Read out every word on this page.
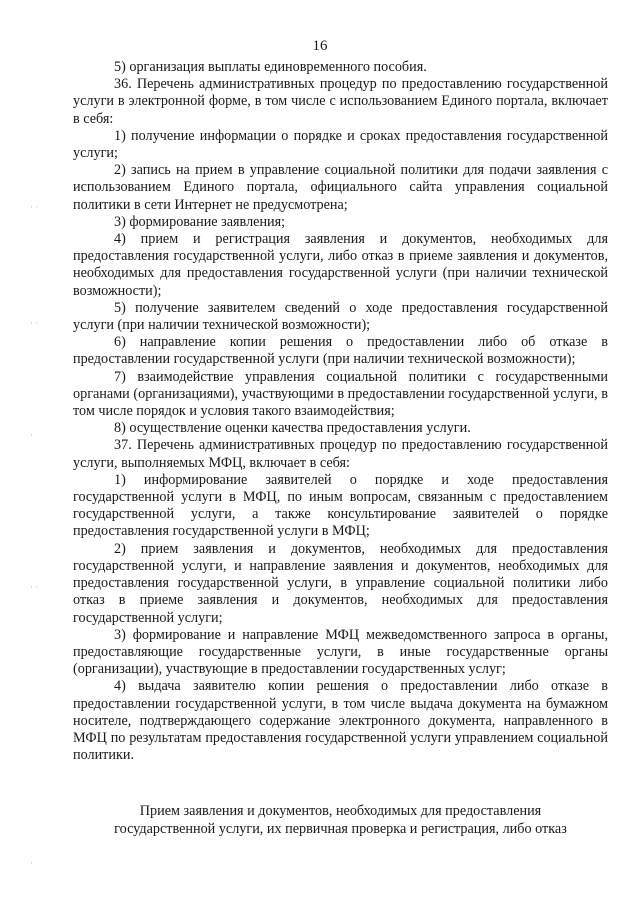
16

5) организация выплаты единовременного пособия.

36. Перечень административных процедур по предоставлению государственной услуги в электронной форме, в том числе с использованием Единого портала, включает в себя:

1) получение информации о порядке и сроках предоставления государственной услуги;

2) запись на прием в управление социальной политики для подачи заявления с использованием Единого портала, официального сайта управления социальной политики в сети Интернет не предусмотрена;

3) формирование заявления;

4) прием и регистрация заявления и документов, необходимых для предоставления государственной услуги, либо отказ в приеме заявления и документов, необходимых для предоставления государственной услуги (при наличии технической возможности);

5) получение заявителем сведений о ходе предоставления государственной услуги (при наличии технической возможности);

6) направление копии решения о предоставлении либо об отказе в предоставлении государственной услуги (при наличии технической возможности);

7) взаимодействие управления социальной политики с государственными органами (организациями), участвующими в предоставлении государственной услуги, в том числе порядок и условия такого взаимодействия;

8) осуществление оценки качества предоставления услуги.

37. Перечень административных процедур по предоставлению государственной услуги, выполняемых МФЦ, включает в себя:

1) информирование заявителей о порядке и ходе предоставления государственной услуги в МФЦ, по иным вопросам, связанным с предоставлением государственной услуги, а также консультирование заявителей о порядке предоставления государственной услуги в МФЦ;

2) прием заявления и документов, необходимых для предоставления государственной услуги, и направление заявления и документов, необходимых для предоставления государственной услуги, в управление социальной политики либо отказ в приеме заявления и документов, необходимых для предоставления государственной услуги;

3) формирование и направление МФЦ межведомственного запроса в органы, предоставляющие государственные услуги, в иные государственные органы (организации), участвующие в предоставлении государственных услуг;

4) выдача заявителю копии решения о предоставлении либо отказе в предоставлении государственной услуги, в том числе выдача документа на бумажном носителе, подтверждающего содержание электронного документа, направленного в МФЦ по результатам предоставления государственной услуги управлением социальной политики.

Прием заявления и документов, необходимых для предоставления

государственной услуги, их первичная проверка и регистрация, либо отказ

· ·
· ·
·
· ·
·
